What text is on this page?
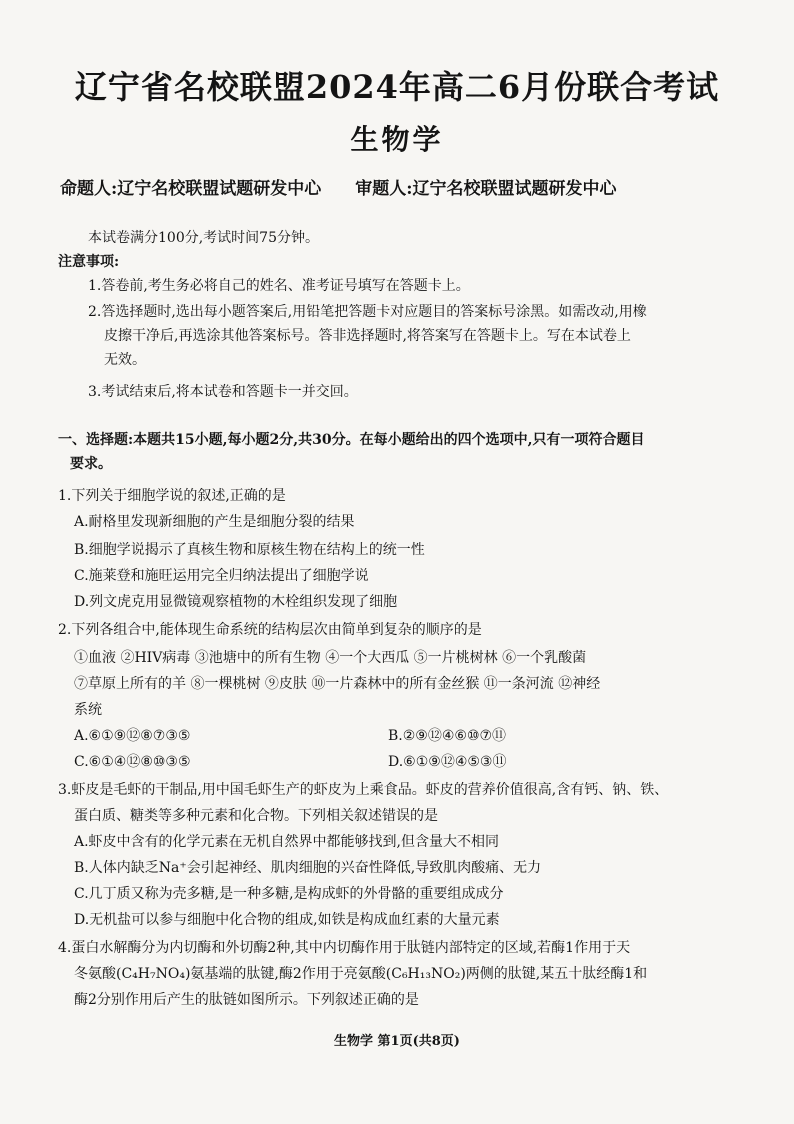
辽宁省名校联盟2024年高二6月份联合考试
生物学
命题人:辽宁名校联盟试题研发中心 审题人:辽宁名校联盟试题研发中心
本试卷满分100分,考试时间75分钟。
注意事项:
1.答卷前,考生务必将自己的姓名、准考证号填写在答题卡上。
2.答选择题时,选出每小题答案后,用铅笔把答题卡对应题目的答案标号涂黑。如需改动,用橡
皮擦干净后,再选涂其他答案标号。答非选择题时,将答案写在答题卡上。写在本试卷上
无效。
3.考试结束后,将本试卷和答题卡一并交回。
一、选择题:本题共15小题,每小题2分,共30分。在每小题给出的四个选项中,只有一项符合题目
要求。
1.下列关于细胞学说的叙述,正确的是
A.耐格里发现新细胞的产生是细胞分裂的结果
B.细胞学说揭示了真核生物和原核生物在结构上的统一性
C.施莱登和施旺运用完全归纳法提出了细胞学说
D.列文虎克用显微镜观察植物的木栓组织发现了细胞
2.下列各组合中,能体现生命系统的结构层次由简单到复杂的顺序的是
①血液 ②HIV病毒 ③池塘中的所有生物 ④一个大西瓜 ⑤一片桃树林 ⑥一个乳酸菌
⑦草原上所有的羊 ⑧一棵桃树 ⑨皮肤 ⑩一片森林中的所有金丝猴 ⑪一条河流 ⑫神经
系统
A.⑥①⑨⑫⑧⑦③⑤	B.②⑨⑫④⑥⑩⑦⑪
C.⑥①④⑫⑧⑩③⑤	D.⑥①⑨⑫④⑤③⑪
3.虾皮是毛虾的干制品,用中国毛虾生产的虾皮为上乘食品。虾皮的营养价值很高,含有钙、钠、铁、
蛋白质、糖类等多种元素和化合物。下列相关叙述错误的是
A.虾皮中含有的化学元素在无机自然界中都能够找到,但含量大不相同
B.人体内缺乏Na⁺会引起神经、肌肉细胞的兴奋性降低,导致肌肉酸痛、无力
C.几丁质又称为壳多糖,是一种多糖,是构成虾的外骨骼的重要组成成分
D.无机盐可以参与细胞中化合物的组成,如铁是构成血红素的大量元素
4.蛋白水解酶分为内切酶和外切酶2种,其中内切酶作用于肽链内部特定的区域,若酶1作用于天
冬氨酸(C₄H₇NO₄)氨基端的肽键,酶2作用于亮氨酸(C₆H₁₃NO₂)两侧的肽键,某五十肽经酶1和
酶2分别作用后产生的肽链如图所示。下列叙述正确的是
生物学 第1页(共8页)
